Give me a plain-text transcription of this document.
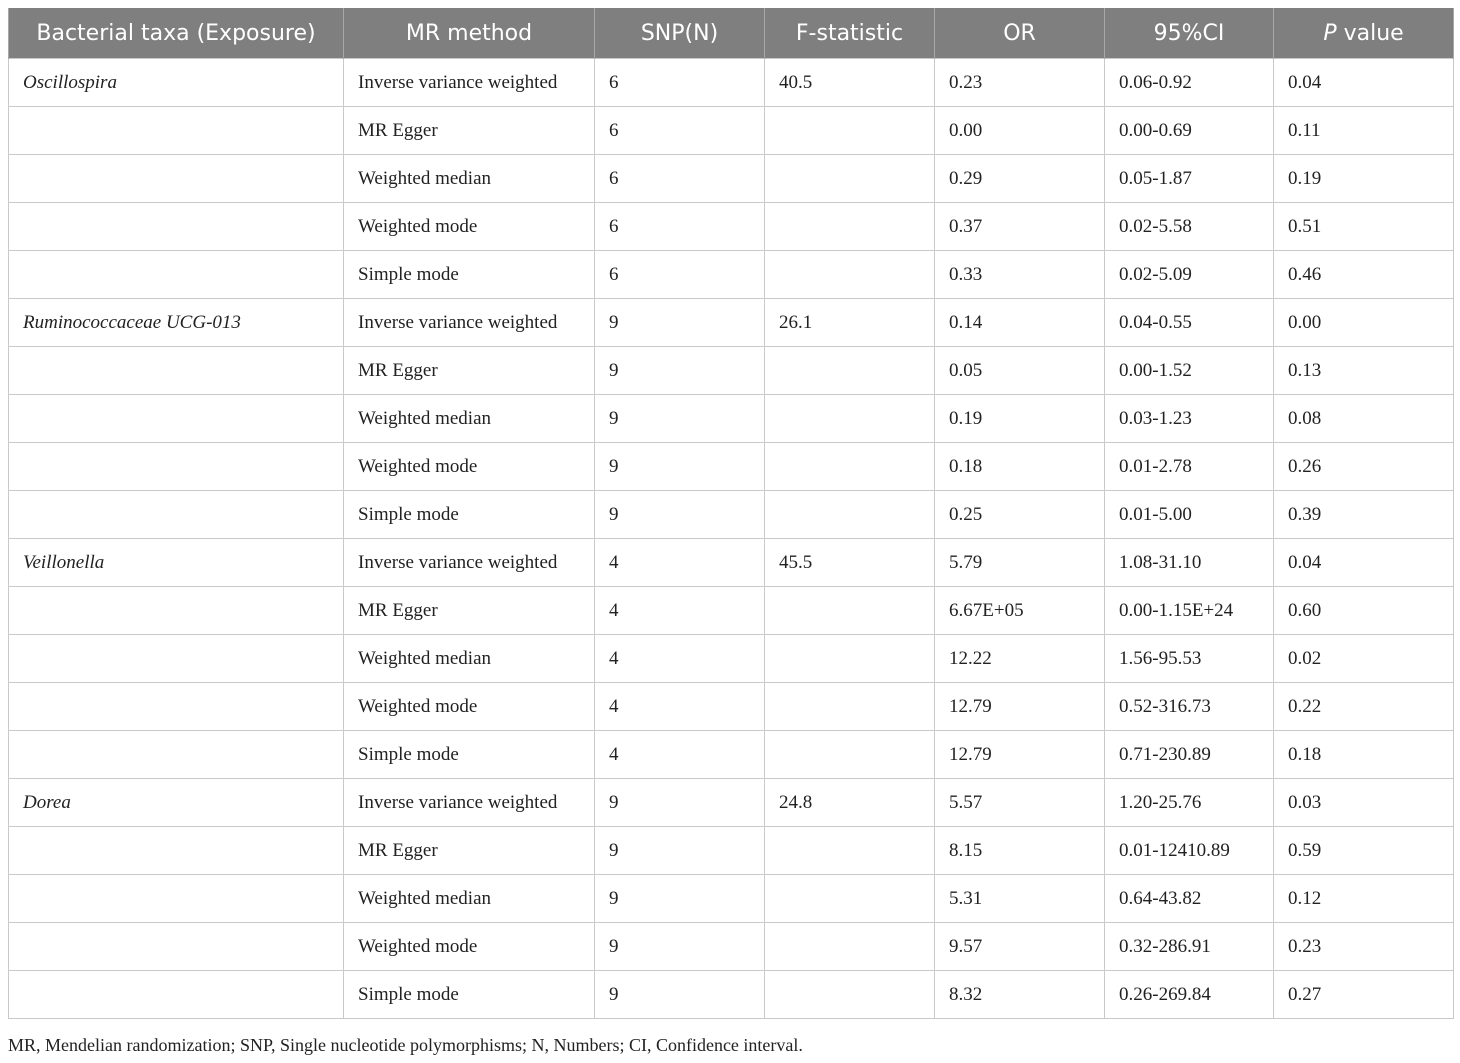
Bacterial taxa (Exposure)	MR method	SNP(N)	F-statistic	OR	95%CI	P value
Oscillospira	Inverse variance weighted	6	40.5	0.23	0.06-0.92	0.04
	MR Egger	6		0.00	0.00-0.69	0.11
	Weighted median	6		0.29	0.05-1.87	0.19
	Weighted mode	6		0.37	0.02-5.58	0.51
	Simple mode	6		0.33	0.02-5.09	0.46
Ruminococcaceae UCG-013	Inverse variance weighted	9	26.1	0.14	0.04-0.55	0.00
	MR Egger	9		0.05	0.00-1.52	0.13
	Weighted median	9		0.19	0.03-1.23	0.08
	Weighted mode	9		0.18	0.01-2.78	0.26
	Simple mode	9		0.25	0.01-5.00	0.39
Veillonella	Inverse variance weighted	4	45.5	5.79	1.08-31.10	0.04
	MR Egger	4		6.67E+05	0.00-1.15E+24	0.60
	Weighted median	4		12.22	1.56-95.53	0.02
	Weighted mode	4		12.79	0.52-316.73	0.22
	Simple mode	4		12.79	0.71-230.89	0.18
Dorea	Inverse variance weighted	9	24.8	5.57	1.20-25.76	0.03
	MR Egger	9		8.15	0.01-12410.89	0.59
	Weighted median	9		5.31	0.64-43.82	0.12
	Weighted mode	9		9.57	0.32-286.91	0.23
	Simple mode	9		8.32	0.26-269.84	0.27
MR, Mendelian randomization; SNP, Single nucleotide polymorphisms; N, Numbers; CI, Confidence interval.
